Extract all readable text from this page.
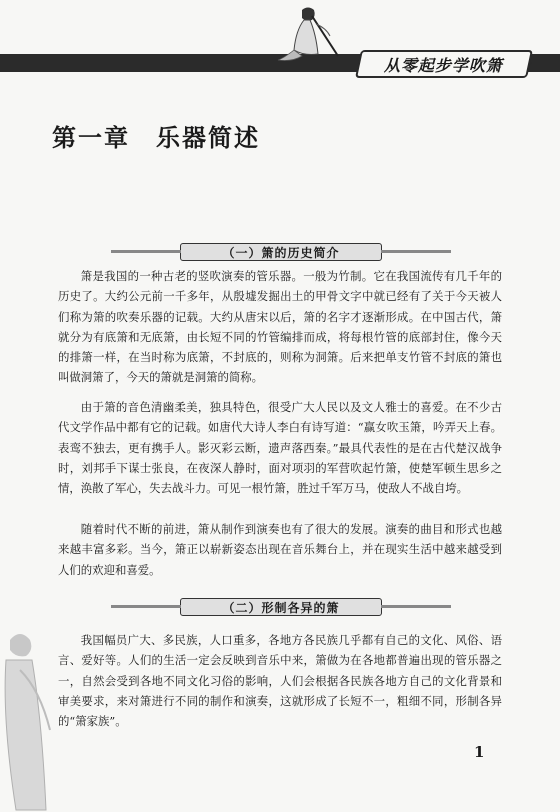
从零起步学吹箫
第一章　乐器简述
（一）箫的历史简介

箫是我国的一种古老的竖吹演奏的管乐器。一般为竹制。它在我国流传有几千年的历史了。大约公元前一千多年，从殷墟发掘出土的甲骨文字中就已经有了关于今天被人们称为箫的吹奏乐器的记载。大约从唐宋以后，箫的名字才逐渐形成。在中国古代，箫就分为有底箫和无底箫，由长短不同的竹管编排而成，将每根竹管的底部封住，像今天的排箫一样，在当时称为底箫，不封底的，则称为洞箫。后来把单支竹管不封底的箫也叫做洞箫了，今天的箫就是洞箫的简称。

由于箫的音色清幽柔美，独具特色，很受广大人民以及文人雅士的喜爱。在不少古代文学作品中都有它的记载。如唐代大诗人李白有诗写道：“赢女吹玉箫，吟弄天上春。表鸾不独去，更有携手人。影灭彩云断，遗声落西秦。”最具代表性的是在古代楚汉战争时，刘邦手下谋士张良，在夜深人静时，面对项羽的军营吹起竹箫，使楚军顿生思乡之情，涣散了军心，失去战斗力。可见一根竹箫，胜过千军万马，使敌人不战自垮。

随着时代不断的前进，箫从制作到演奏也有了很大的发展。演奏的曲目和形式也越来越丰富多彩。当今，箫正以崭新姿态出现在音乐舞台上，并在现实生活中越来越受到人们的欢迎和喜爱。

（二）形制各异的箫

我国幅员广大、多民族，人口重多，各地方各民族几乎都有自己的文化、风俗、语言、爱好等。人们的生活一定会反映到音乐中来，箫做为在各地都普遍出现的管乐器之一，自然会受到各地不同文化习俗的影响，人们会根据各民族各地方自己的文化背景和审美要求，来对箫进行不同的制作和演奏，这就形成了长短不一，粗细不同，形制各异的“箫家族”。

1
